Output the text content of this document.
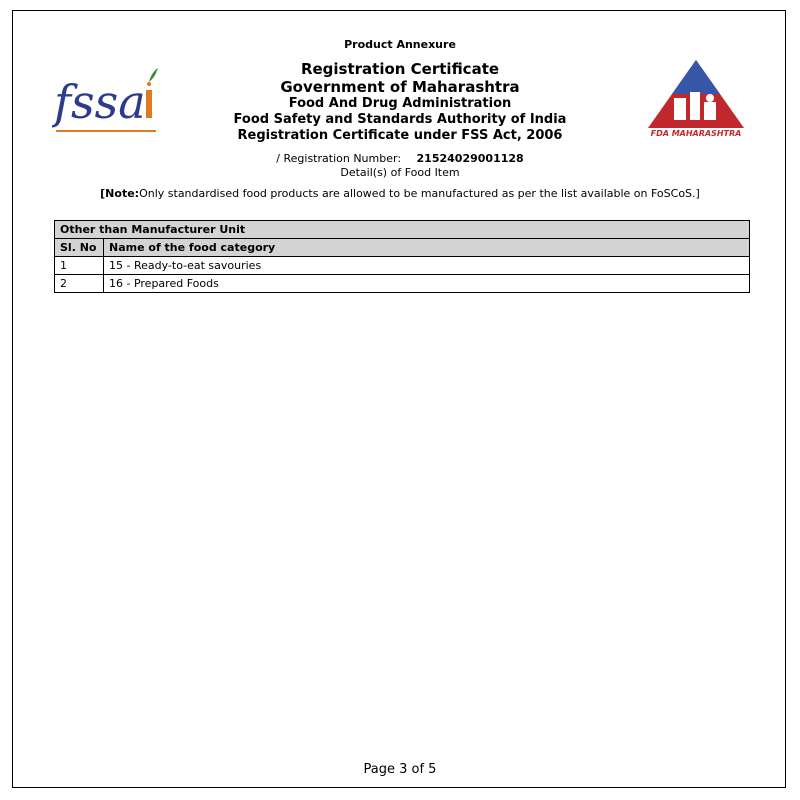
Product Annexure
fssa
FDA MAHARASHTRA
Registration Certificate
Government of Maharashtra
Food And Drug Administration
Food Safety and Standards Authority of India
Registration Certificate under FSS Act, 2006
/ Registration Number: 21524029001128
Detail(s) of Food Item
[Note:Only standardised food products are allowed to be manufactured as per the list available on FoSCoS.]
Other than Manufacturer Unit	
Sl. No	Name of the food category
1	15 - Ready-to-eat savouries
2	16 - Prepared Foods
Page 3 of 5
